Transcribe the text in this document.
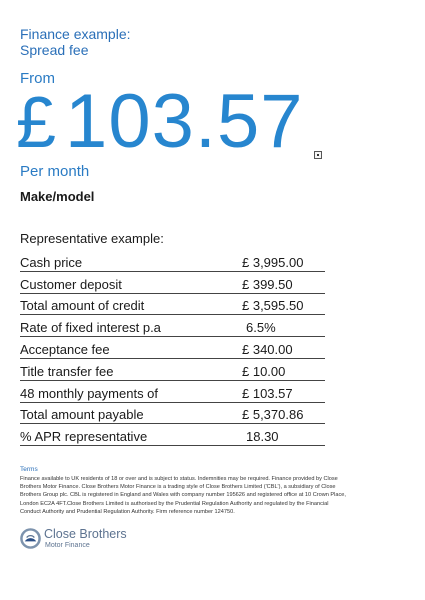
Finance example:
Spread fee
From
£ 103.57
Per month
Make/model
Representative example:
Cash price	£ 3,995.00
Customer deposit	£ 399.50
Total amount of credit	£ 3,595.50
Rate of fixed interest p.a	6.5%
Acceptance fee	£ 340.00
Title transfer fee	£ 10.00
48 monthly payments of	£ 103.57
Total amount payable	£ 5,370.86
% APR representative	18.30
Terms
Finance available to UK residents of 18 or over and is subject to status. Indemnities may be required. Finance provided by Close Brothers Motor Finance. Close Brothers Motor Finance is a trading style of Close Brothers Limited ('CBL'), a subsidiary of Close Brothers Group plc. CBL is registered in England and Wales with company number 195626 and registered office at 10 Crown Place, London EC2A 4FT.Close Brothers Limited is authorised by the Prudential Regulation Authority and regulated by the Financial Conduct Authority and Prudential Regulation Authority. Firm reference number 124750.
Close Brothers
Motor Finance
